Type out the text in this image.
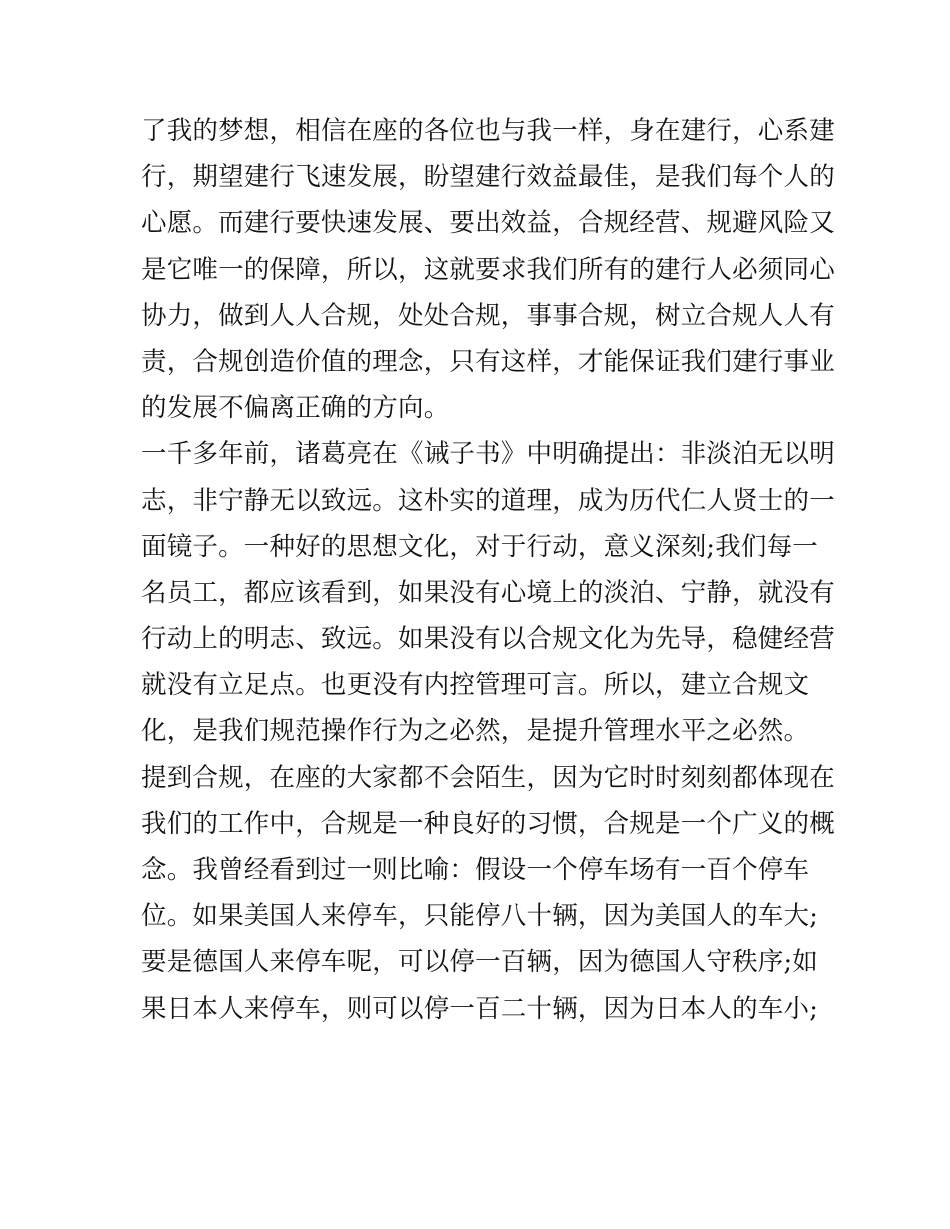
了我的梦想，相信在座的各位也与我一样，身在建行，心系建
行，期望建行飞速发展，盼望建行效益最佳，是我们每个人的
心愿。而建行要快速发展、要出效益，合规经营、规避风险又
是它唯一的保障，所以，这就要求我们所有的建行人必须同心
协力，做到人人合规，处处合规，事事合规，树立合规人人有
责，合规创造价值的理念，只有这样，才能保证我们建行事业
的发展不偏离正确的方向。
一千多年前，诸葛亮在《诫子书》中明确提出：非淡泊无以明
志，非宁静无以致远。这朴实的道理，成为历代仁人贤士的一
面镜子。一种好的思想文化，对于行动，意义深刻;我们每一
名员工，都应该看到，如果没有心境上的淡泊、宁静，就没有
行动上的明志、致远。如果没有以合规文化为先导，稳健经营
就没有立足点。也更没有内控管理可言。所以，建立合规文
化，是我们规范操作行为之必然，是提升管理水平之必然。
提到合规，在座的大家都不会陌生，因为它时时刻刻都体现在
我们的工作中，合规是一种良好的习惯，合规是一个广义的概
念。我曾经看到过一则比喻：假设一个停车场有一百个停车
位。如果美国人来停车，只能停八十辆，因为美国人的车大;
要是德国人来停车呢，可以停一百辆，因为德国人守秩序;如
果日本人来停车，则可以停一百二十辆，因为日本人的车小;
